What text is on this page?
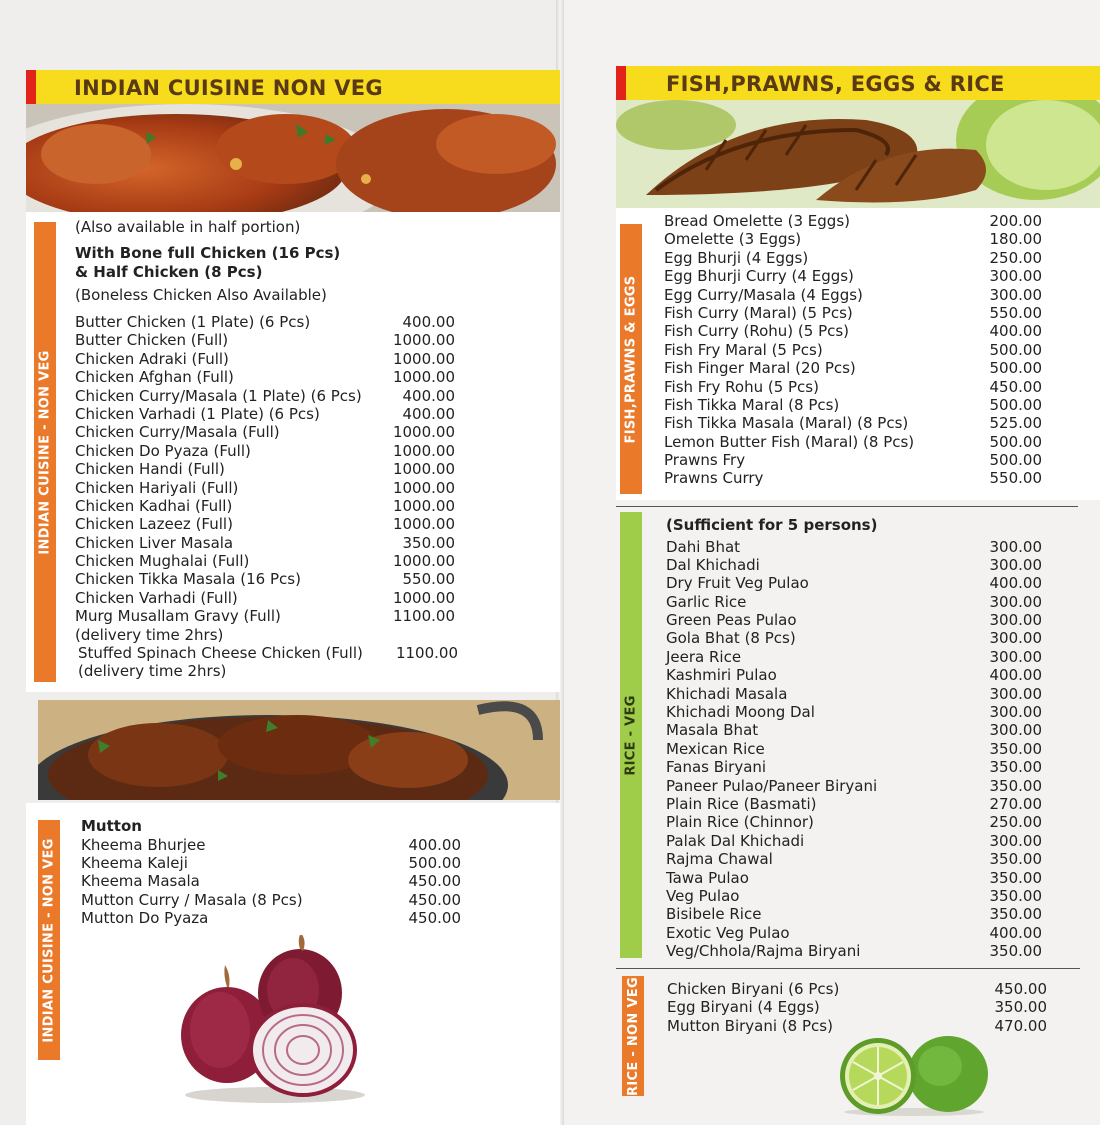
INDIAN CUISINE NON VEG
INDIAN CUISINE - NON VEG
(Also available in half portion)
With Bone full Chicken (16 Pcs)
& Half Chicken (8 Pcs)
(Boneless Chicken Also Available)
Butter Chicken (1 Plate) (6 Pcs)	400.00
Butter Chicken (Full)	1000.00
Chicken Adraki (Full)	1000.00
Chicken Afghan (Full)	1000.00
Chicken Curry/Masala (1 Plate) (6 Pcs)	400.00
Chicken Varhadi (1 Plate) (6 Pcs)	400.00
Chicken Curry/Masala (Full)	1000.00
Chicken Do Pyaza (Full)	1000.00
Chicken Handi (Full)	1000.00
Chicken Hariyali (Full)	1000.00
Chicken Kadhai (Full)	1000.00
Chicken Lazeez (Full)	1000.00
Chicken Liver Masala	350.00
Chicken Mughalai (Full)	1000.00
Chicken Tikka Masala (16 Pcs)	550.00
Chicken Varhadi (Full)	1000.00
Murg Musallam Gravy (Full)	1100.00
(delivery time 2hrs)
Stuffed Spinach Cheese Chicken (Full)	1100.00
(delivery time 2hrs)
INDIAN CUISINE - NON VEG
Mutton
Kheema Bhurjee	400.00
Kheema Kaleji	500.00
Kheema Masala	450.00
Mutton Curry / Masala (8 Pcs)	450.00
Mutton Do Pyaza	450.00
FISH,PRAWNS, EGGS & RICE
FISH,PRAWNS & EGGS
Bread Omelette (3 Eggs)	200.00
Omelette (3 Eggs)	180.00
Egg Bhurji (4 Eggs)	250.00
Egg Bhurji Curry (4 Eggs)	300.00
Egg Curry/Masala (4 Eggs)	300.00
Fish Curry (Maral) (5 Pcs)	550.00
Fish Curry (Rohu) (5 Pcs)	400.00
Fish Fry Maral (5 Pcs)	500.00
Fish Finger Maral (20 Pcs)	500.00
Fish Fry Rohu (5 Pcs)	450.00
Fish Tikka Maral (8 Pcs)	500.00
Fish Tikka Masala (Maral) (8 Pcs)	525.00
Lemon Butter Fish (Maral) (8 Pcs)	500.00
Prawns Fry	500.00
Prawns Curry	550.00
RICE - VEG
(Sufficient for 5 persons)
Dahi Bhat	300.00
Dal Khichadi	300.00
Dry Fruit Veg Pulao	400.00
Garlic Rice	300.00
Green Peas Pulao	300.00
Gola Bhat (8 Pcs)	300.00
Jeera Rice	300.00
Kashmiri Pulao	400.00
Khichadi Masala	300.00
Khichadi Moong Dal	300.00
Masala Bhat	300.00
Mexican Rice	350.00
Fanas Biryani	350.00
Paneer Pulao/Paneer Biryani	350.00
Plain Rice (Basmati)	270.00
Plain Rice (Chinnor)	250.00
Palak Dal Khichadi	300.00
Rajma Chawal	350.00
Tawa Pulao	350.00
Veg Pulao	350.00
Bisibele Rice	350.00
Exotic Veg Pulao	400.00
Veg/Chhola/Rajma Biryani	350.00
RICE - NON VEG Chicken Biryani (6 Pcs)	450.00
Egg Biryani (4 Eggs)	350.00
Mutton Biryani (8 Pcs)	470.00
